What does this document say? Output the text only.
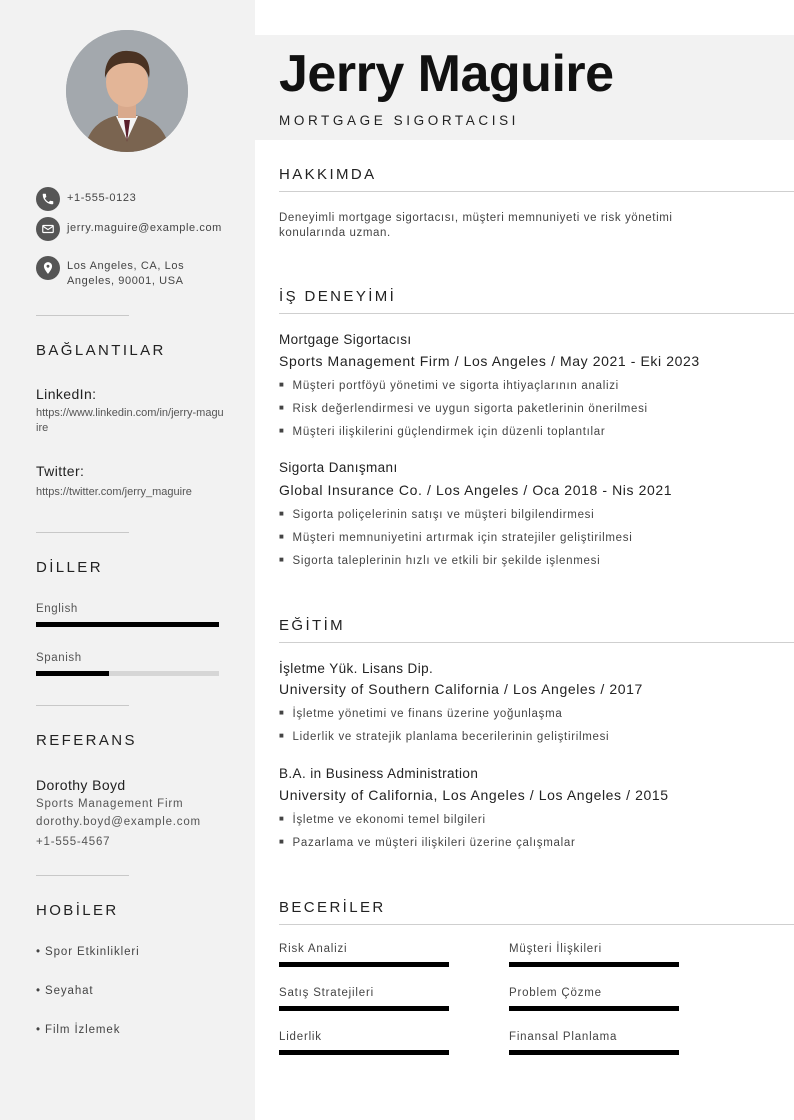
+1-555-0123
jerry.maguire@example.com
Los Angeles, CA, Los Angeles, 90001, USA
BAĞLANTILAR
LinkedIn:
https://www.linkedin.com/in/jerry-maguire
Twitter:
https://twitter.com/jerry_maguire
DİLLER
English
Spanish
REFERANS
Dorothy Boyd
Sports Management Firm
dorothy.boyd@example.com
+1-555-4567
HOBİLER
• Spor Etkinlikleri
• Seyahat
• Film İzlemek
Jerry Maguire
MORTGAGE SIGORTACISI
HAKKIMDA
Deneyimli mortgage sigortacısı, müşteri memnuniyeti ve risk yönetimi konularında uzman.
İŞ DENEYİMİ
Mortgage Sigortacısı
Sports Management Firm / Los Angeles / May 2021 - Eki 2023
■ Müşteri portföyü yönetimi ve sigorta ihtiyaçlarının analizi
■ Risk değerlendirmesi ve uygun sigorta paketlerinin önerilmesi
■ Müşteri ilişkilerini güçlendirmek için düzenli toplantılar
Sigorta Danışmanı
Global Insurance Co. / Los Angeles / Oca 2018 - Nis 2021
■ Sigorta poliçelerinin satışı ve müşteri bilgilendirmesi
■ Müşteri memnuniyetini artırmak için stratejiler geliştirilmesi
■ Sigorta taleplerinin hızlı ve etkili bir şekilde işlenmesi
EĞİTİM
İşletme Yük. Lisans Dip.
University of Southern California / Los Angeles / 2017
■ İşletme yönetimi ve finans üzerine yoğunlaşma
■ Liderlik ve stratejik planlama becerilerinin geliştirilmesi
B.A. in Business Administration
University of California, Los Angeles / Los Angeles / 2015
■ İşletme ve ekonomi temel bilgileri
■ Pazarlama ve müşteri ilişkileri üzerine çalışmalar
BECERİLER
Risk Analizi	Müşteri İlişkileri
Satış Stratejileri	Problem Çözme
Liderlik	Finansal Planlama
